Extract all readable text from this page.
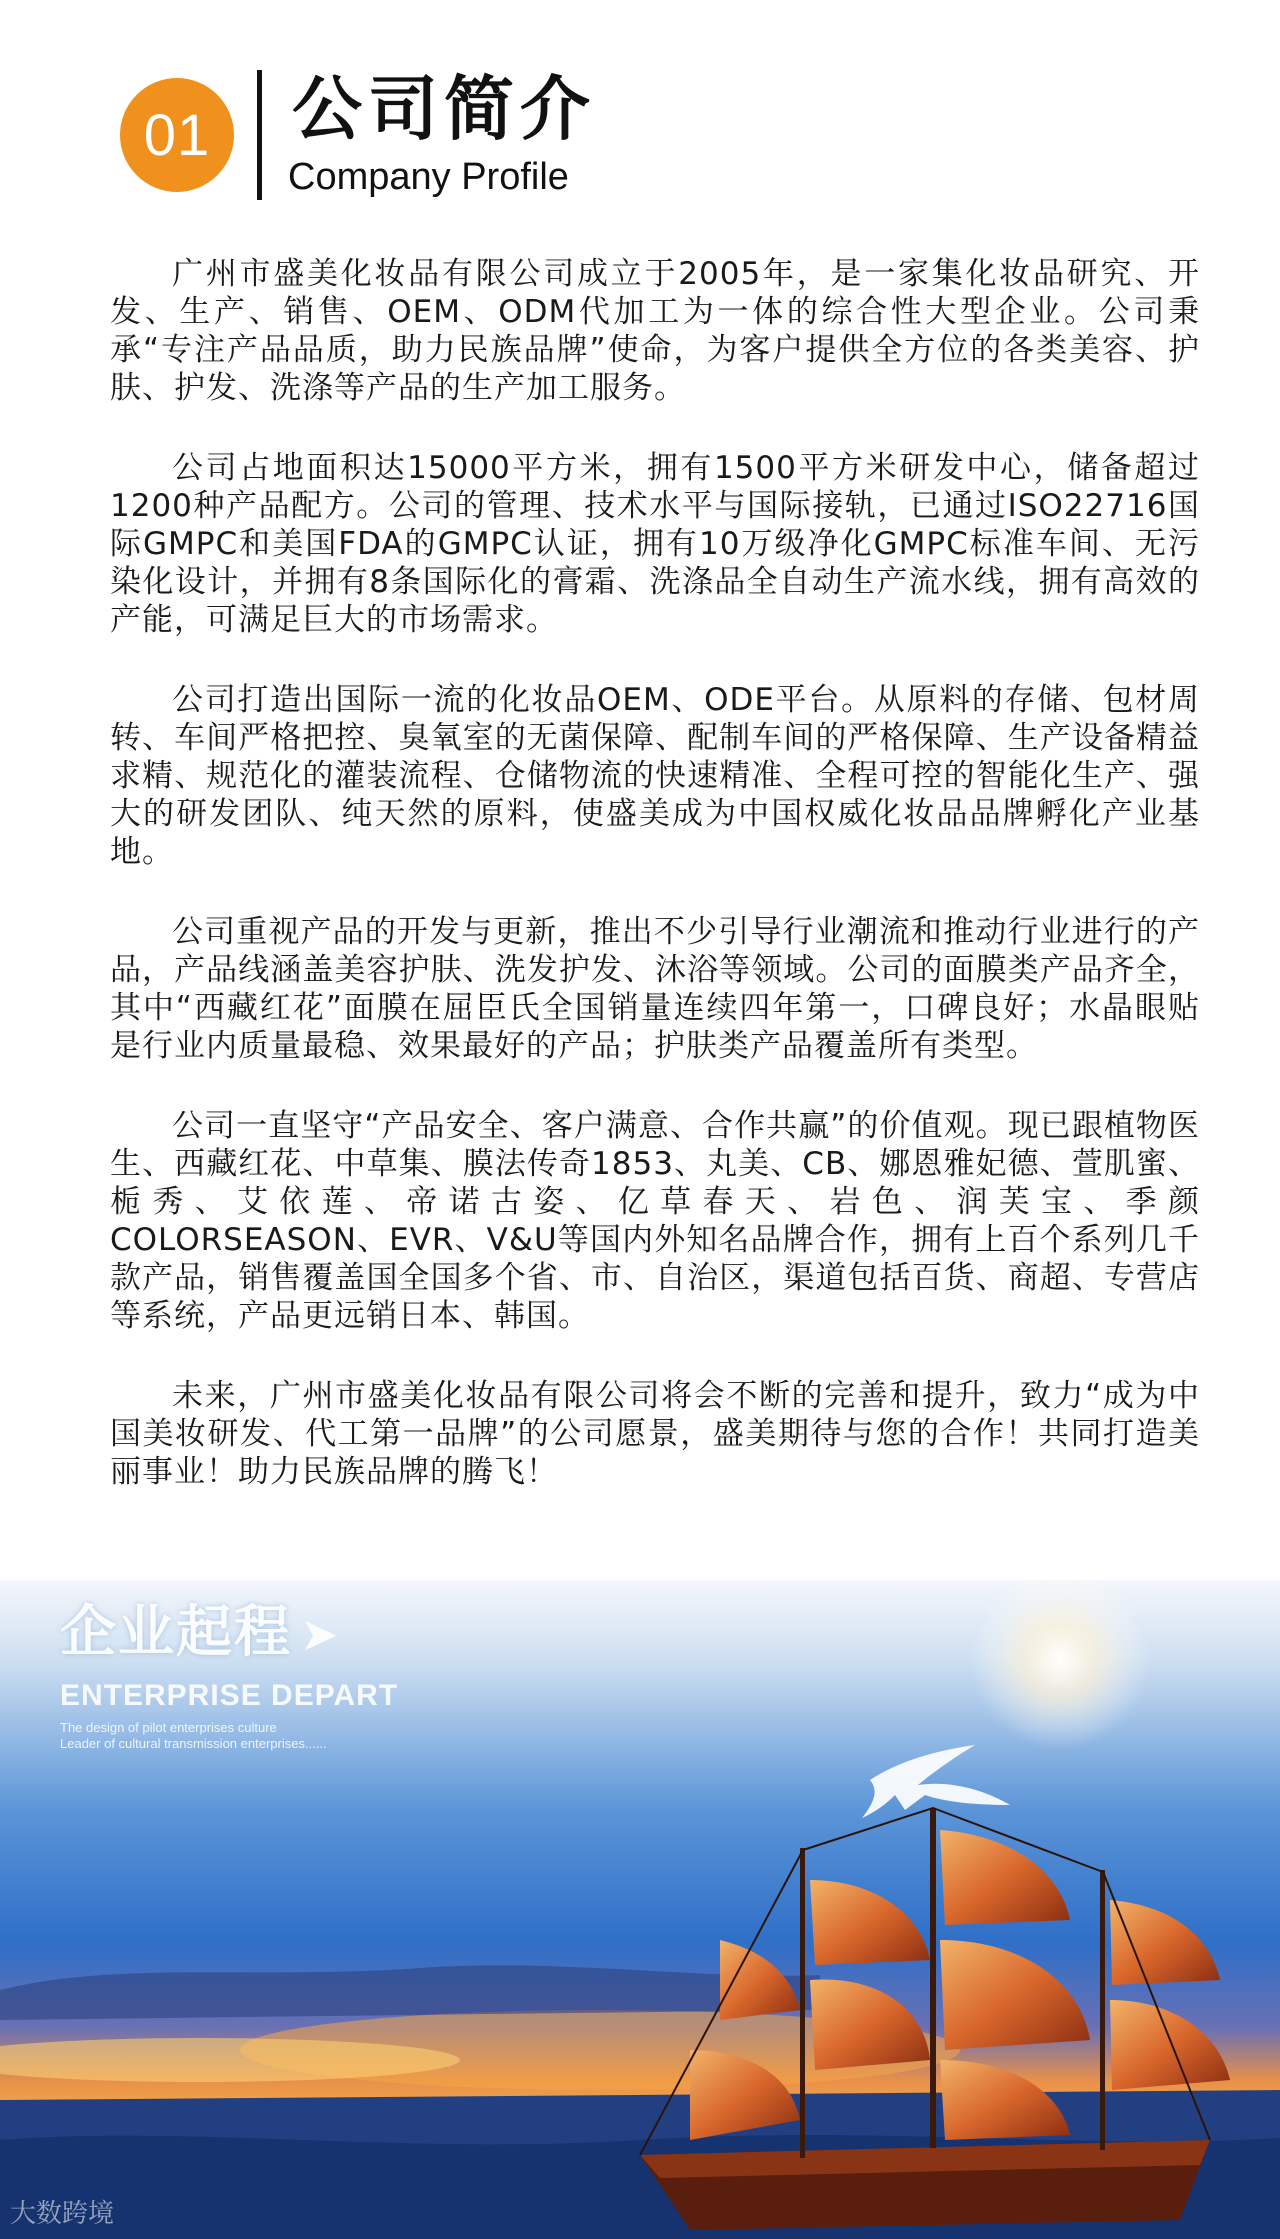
01	公司简介
Company Profile

广州市盛美化妆品有限公司成立于2005年，是一家集化妆品研究、开发、生产、销售、OEM、ODM代加工为一体的综合性大型企业。公司秉承“专注产品品质，助力民族品牌”使命，为客户提供全方位的各类美容、护肤、护发、洗涤等产品的生产加工服务。

公司占地面积达15000平方米，拥有1500平方米研发中心，储备超过1200种产品配方。公司的管理、技术水平与国际接轨，已通过ISO22716国际GMPC和美国FDA的GMPC认证，拥有10万级净化GMPC标准车间、无污染化设计，并拥有8条国际化的膏霜、洗涤品全自动生产流水线，拥有高效的产能，可满足巨大的市场需求。

公司打造出国际一流的化妆品OEM、ODE平台。从原料的存储、包材周转、车间严格把控、臭氧室的无菌保障、配制车间的严格保障、生产设备精益求精、规范化的灌装流程、仓储物流的快速精准、全程可控的智能化生产、强大的研发团队、纯天然的原料，使盛美成为中国权威化妆品品牌孵化产业基地。

公司重视产品的开发与更新，推出不少引导行业潮流和推动行业进行的产品，产品线涵盖美容护肤、洗发护发、沐浴等领域。公司的面膜类产品齐全，其中“西藏红花”面膜在屈臣氏全国销量连续四年第一，口碑良好；水晶眼贴是行业内质量最稳、效果最好的产品；护肤类产品覆盖所有类型。

公司一直坚守“产品安全、客户满意、合作共赢”的价值观。现已跟植物医生、西藏红花、中草集、膜法传奇1853、丸美、CB、娜恩雅妃德、萱肌蜜、栀秀、艾依莲、帝诺古姿、亿草春天、岩色、润芙宝、季颜COLORSEASON、EVR、V&U等国内外知名品牌合作，拥有上百个系列几千款产品，销售覆盖国全国多个省、市、自治区，渠道包括百货、商超、专营店等系统，产品更远销日本、韩国。

未来，广州市盛美化妆品有限公司将会不断的完善和提升，致力“成为中国美妆研发、代工第一品牌”的公司愿景，盛美期待与您的合作！共同打造美丽事业！助力民族品牌的腾飞！

企业起程 ➤
ENTERPRISE DEPART
The design of pilot enterprises culture
Leader of cultural transmission enterprises......
大数跨境
